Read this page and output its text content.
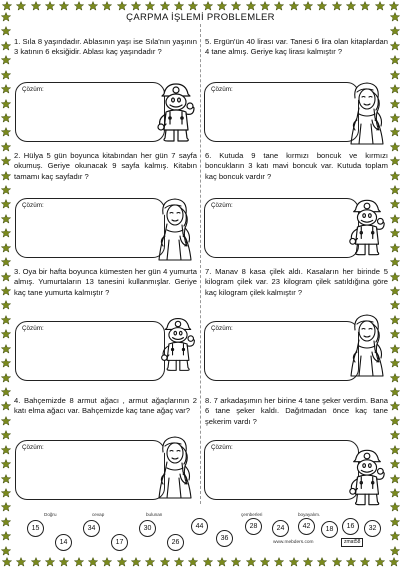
ÇARPMA İŞLEMİ PROBLEMLER
1. Sıla 8 yaşındadır. Ablasının yaşı ise Sıla'nın yaşının 3 katının 6 eksiğidir. Ablası kaç yaşındadır ?
Çözüm:
2. Hülya 5 gün boyunca kitabından her gün 7 sayfa okumuş. Geriye okunacak 9 sayfa kalmış. Kitabın tamamı kaç sayfadır ?
Çözüm:
3. Oya bir hafta boyunca kümesten her gün 4 yumurta almış. Yumurtaların 13 tanesini kullanmışlar. Geriye kaç tane yumurta kalmıştır ?
Çözüm:
4. Bahçemizde 8 armut ağacı , armut ağaçlarının 2 katı elma ağacı var. Bahçemizde kaç tane ağaç var?
Çözüm:
5. Ergün'ün 40 lirası var. Tanesi 6 lira olan kitaplardan 4 tane almış. Geriye kaç lirası kalmıştır ?
Çözüm:
6. Kutuda 9 tane kırmızı boncuk ve kırmızı boncukların 3 katı mavi boncuk var. Kutuda toplam kaç boncuk vardır ?
Çözüm:
7. Manav 8 kasa çilek aldı. Kasaların her birinde 5 kilogram çilek var. 23 kilogram çilek satıldığına göre kaç kilogram çilek kalmıştır ?
Çözüm:
8. 7 arkadaşımın her birine 4 tane şeker verdim. Bana 6 tane şeker kaldı. Dağıtmadan önce kaç tane şekerim vardı ?
Çözüm:
Doğru	cevap	bulunan	çemberleri	boyayalım.
15
14
34
17
30
26
44
36
28	24	42	18	16	32
www.mebders.com	zmat58
